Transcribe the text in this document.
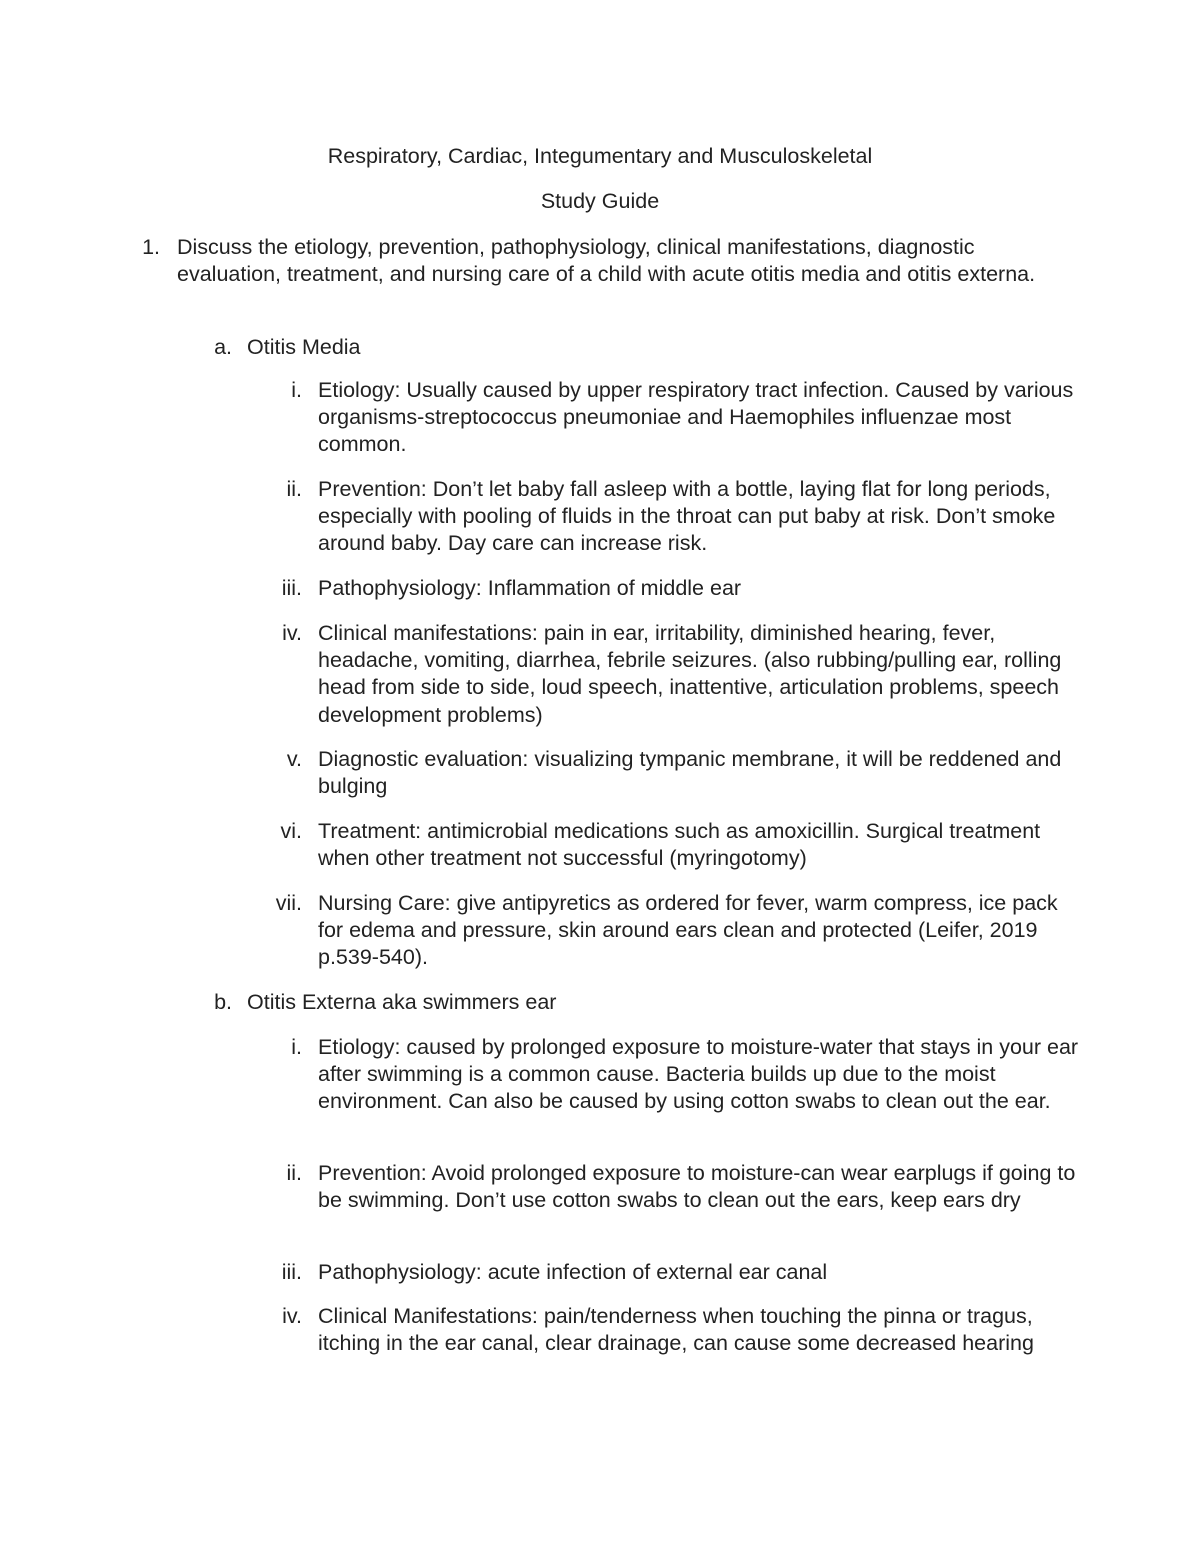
Respiratory, Cardiac, Integumentary and Musculoskeletal
Study Guide
1. Discuss the etiology, prevention, pathophysiology, clinical manifestations, diagnostic evaluation, treatment, and nursing care of a child with acute otitis media and otitis externa.
a. Otitis Media
i. Etiology: Usually caused by upper respiratory tract infection. Caused by various organisms-streptococcus pneumoniae and Haemophiles influenzae most common.
ii. Prevention: Don’t let baby fall asleep with a bottle, laying flat for long periods, especially with pooling of fluids in the throat can put baby at risk. Don’t smoke around baby. Day care can increase risk.
iii. Pathophysiology: Inflammation of middle ear
iv. Clinical manifestations: pain in ear, irritability, diminished hearing, fever, headache, vomiting, diarrhea, febrile seizures. (also rubbing/pulling ear, rolling head from side to side, loud speech, inattentive, articulation problems, speech development problems)
v. Diagnostic evaluation: visualizing tympanic membrane, it will be reddened and bulging
vi. Treatment: antimicrobial medications such as amoxicillin. Surgical treatment when other treatment not successful (myringotomy)
vii. Nursing Care: give antipyretics as ordered for fever, warm compress, ice pack for edema and pressure, skin around ears clean and protected (Leifer, 2019 p.539-540).
b. Otitis Externa aka swimmers ear
i. Etiology: caused by prolonged exposure to moisture-water that stays in your ear after swimming is a common cause. Bacteria builds up due to the moist environment. Can also be caused by using cotton swabs to clean out the ear.
ii. Prevention: Avoid prolonged exposure to moisture-can wear earplugs if going to be swimming. Don’t use cotton swabs to clean out the ears, keep ears dry
iii. Pathophysiology: acute infection of external ear canal
iv. Clinical Manifestations: pain/tenderness when touching the pinna or tragus, itching in the ear canal, clear drainage, can cause some decreased hearing
